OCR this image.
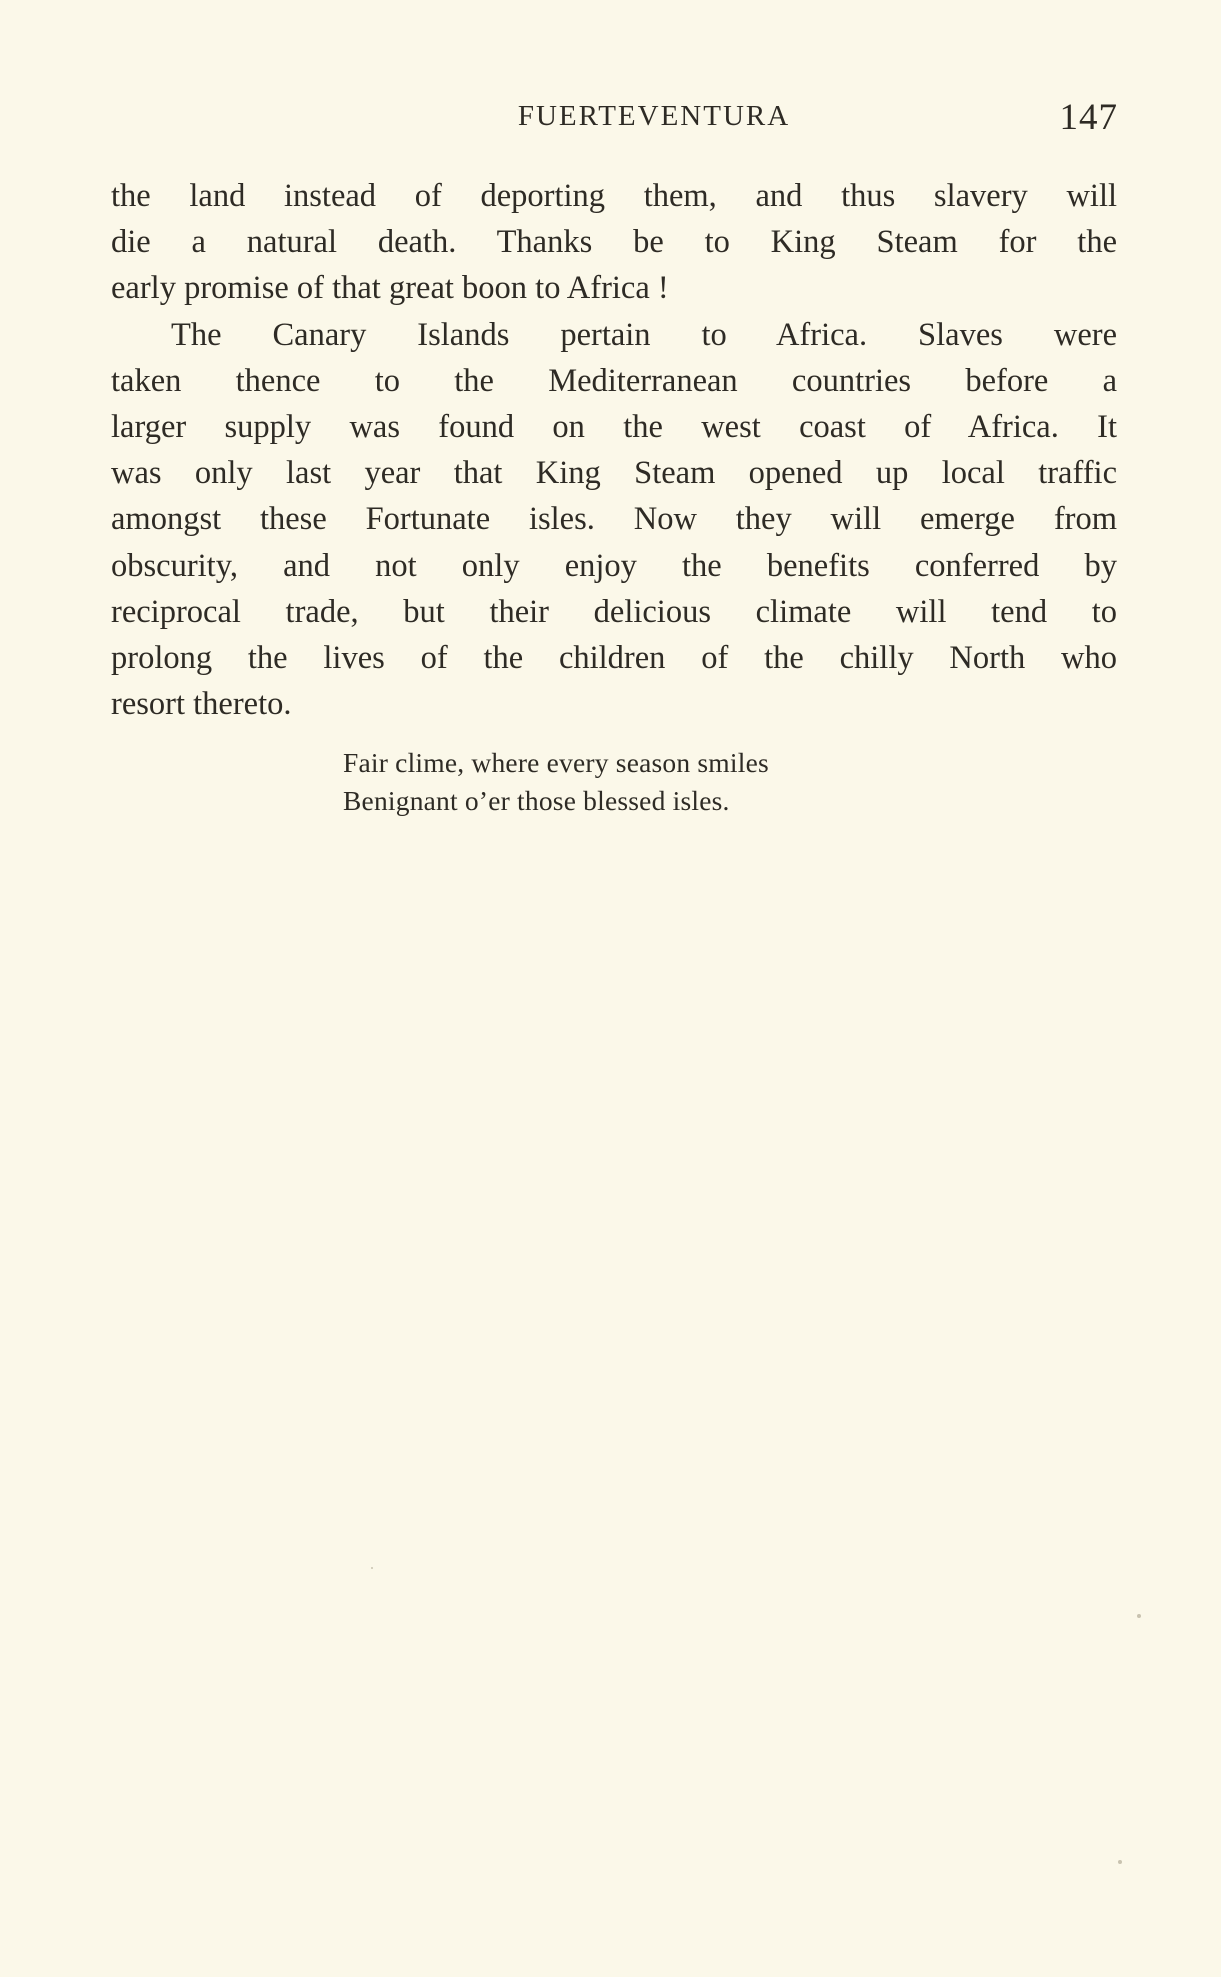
FUERTEVENTURA	147
the land instead of deporting them, and thus slavery will
die a natural death. Thanks be to King Steam for the
early promise of that great boon to Africa !
The Canary Islands pertain to Africa. Slaves were
taken thence to the Mediterranean countries before a
larger supply was found on the west coast of Africa. It
was only last year that King Steam opened up local traffic
amongst these Fortunate isles. Now they will emerge from
obscurity, and not only enjoy the benefits conferred by
reciprocal trade, but their delicious climate will tend to
prolong the lives of the children of the chilly North who
resort thereto.
Fair clime, where every season smiles
Benignant o’er those blessed isles.
